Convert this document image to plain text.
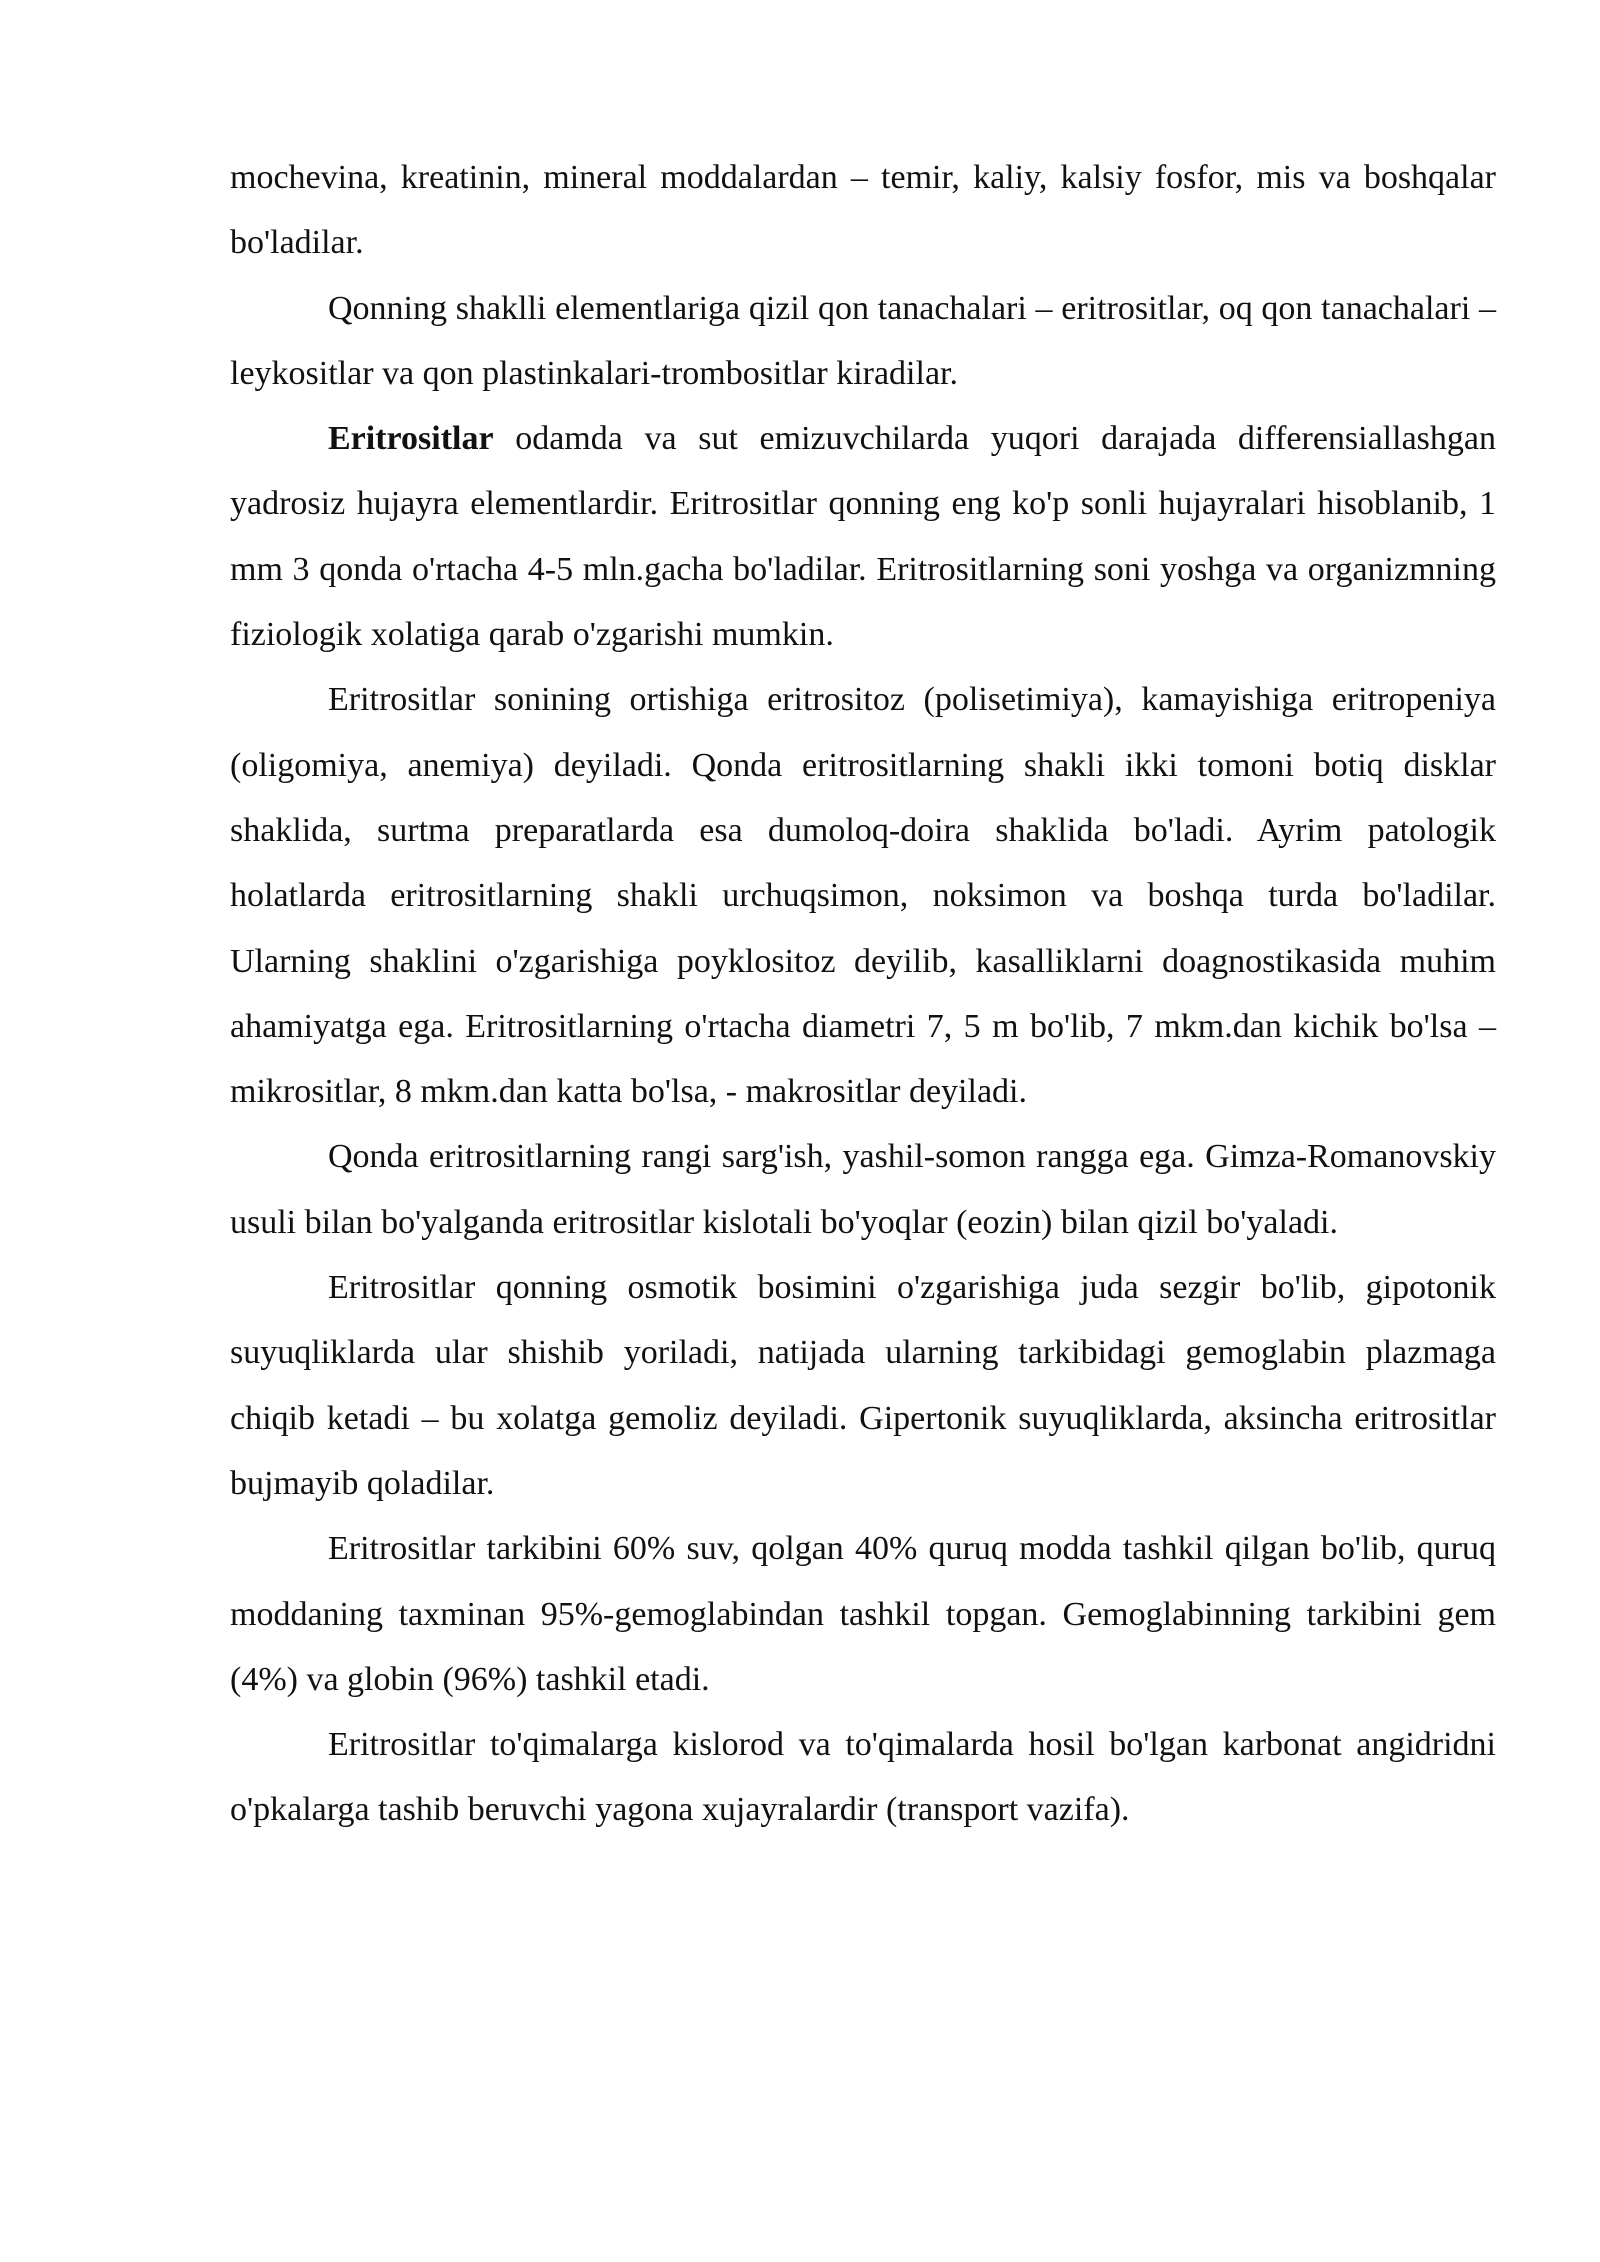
mochevina, kreatinin, mineral moddalardan – temir, kaliy, kalsiy fosfor, mis va boshqalar bo'ladilar.

Qonning shaklli elementlariga qizil qon tanachalari – eritrositlar, oq qon tanachalari – leykositlar va qon plastinkalari-trombositlar kiradilar.

Eritrositlar odamda va sut emizuvchilarda yuqori darajada differensiallashgan yadrosiz hujayra elementlardir. Eritrositlar qonning eng ko'p sonli hujayralari hisoblanib, 1 mm 3 qonda o'rtacha 4-5 mln.gacha bo'ladilar. Eritrositlarning soni yoshga va organizmning fiziologik xolatiga qarab o'zgarishi mumkin.

Eritrositlar sonining ortishiga eritrositoz (polisetimiya), kamayishiga eritropeniya (oligomiya, anemiya) deyiladi. Qonda eritrositlarning shakli ikki tomoni botiq disklar shaklida, surtma preparatlarda esa dumoloq-doira shaklida bo'ladi. Ayrim patologik holatlarda eritrositlarning shakli urchuqsimon, noksimon va boshqa turda bo'ladilar. Ularning shaklini o'zgarishiga poyklositoz deyilib, kasalliklarni doagnostikasida muhim ahamiyatga ega. Eritrositlarning o'rtacha diametri 7, 5 m bo'lib, 7 mkm.dan kichik bo'lsa – mikrositlar, 8 mkm.dan katta bo'lsa, - makrositlar deyiladi.

Qonda eritrositlarning rangi sarg'ish, yashil-somon rangga ega. Gimza-Romanovskiy usuli bilan bo'yalganda eritrositlar kislotali bo'yoqlar (eozin) bilan qizil bo'yaladi.

Eritrositlar qonning osmotik bosimini o'zgarishiga juda sezgir bo'lib, gipotonik suyuqliklarda ular shishib yoriladi, natijada ularning tarkibidagi gemoglabin plazmaga chiqib ketadi – bu xolatga gemoliz deyiladi. Gipertonik suyuqliklarda, aksincha eritrositlar bujmayib qoladilar.

Eritrositlar tarkibini 60% suv, qolgan 40% quruq modda tashkil qilgan bo'lib, quruq moddaning taxminan 95%-gemoglabindan tashkil topgan. Gemoglabinning tarkibini gem (4%) va globin (96%) tashkil etadi.

Eritrositlar to'qimalarga kislorod va to'qimalarda hosil bo'lgan karbonat angidridni o'pkalarga tashib beruvchi yagona xujayralardir (transport vazifa).
